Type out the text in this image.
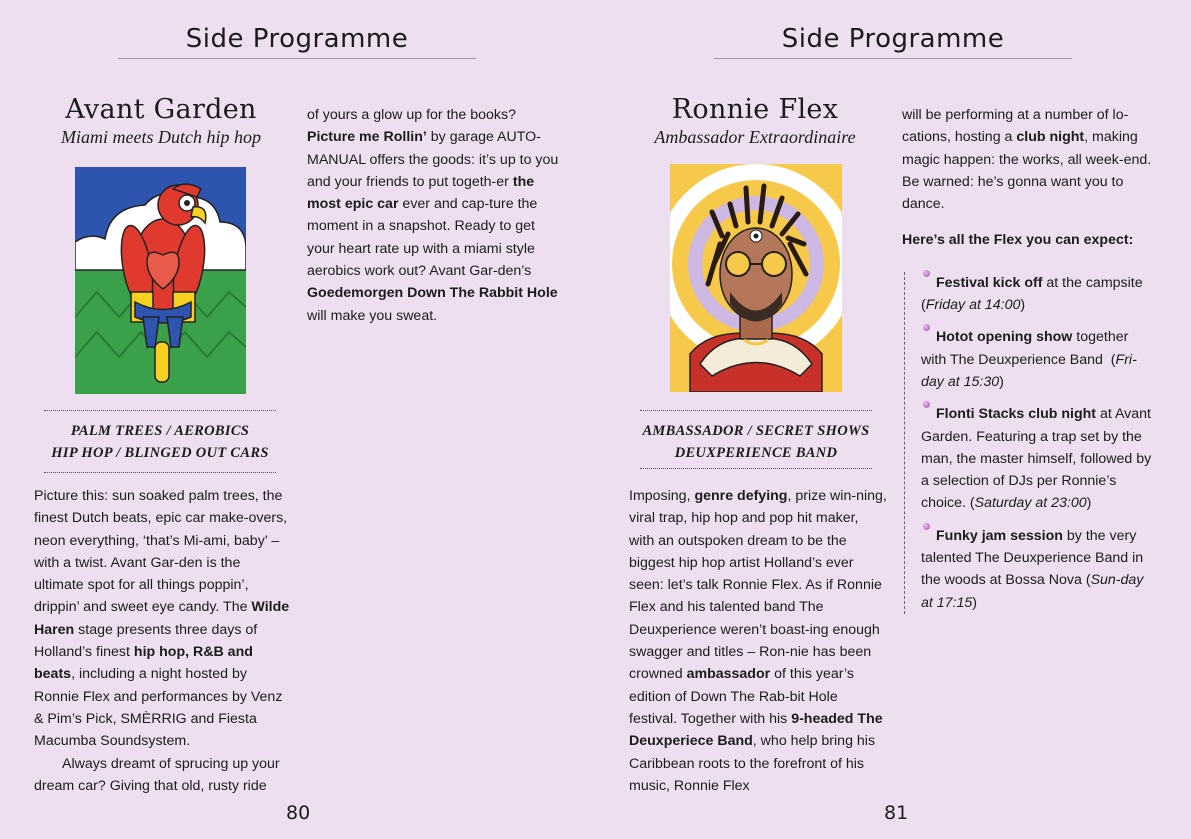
Side Programme
Avant Garden
Miami meets Dutch hip hop
PALM TREES / AEROBICS
HIP HOP / BLINGED OUT CARS

Picture this: sun soaked palm trees, the finest Dutch beats, epic car make-overs, neon everything, ‘that’s Mi-ami, baby’ – with a twist. Avant Gar-den is the ultimate spot for all things poppin’, drippin’ and sweet eye candy. The Wilde Haren stage presents three days of Holland’s finest hip hop, R&B and beats, including a night hosted by Ronnie Flex and performances by Venz & Pim’s Pick, SMÈRRIG and Fiesta Macumba Soundsystem.

Always dreamt of sprucing up your dream car? Giving that old, rusty ride

of yours a glow up for the books? Picture me Rollin’ by garage AUTO-MANUAL offers the goods: it’s up to you and your friends to put togeth-er the most epic car ever and cap-ture the moment in a snapshot. Ready to get your heart rate up with a miami style aerobics work out? Avant Gar-den’s Goedemorgen Down The Rabbit Hole will make you sweat.

80
Side Programme
Ronnie Flex
Ambassador Extraordinaire
AMBASSADOR / SECRET SHOWS
DEUXPERIENCE BAND

Imposing, genre defying, prize win-ning, viral trap, hip hop and pop hit maker, with an outspoken dream to be the biggest hip hop artist Holland’s ever seen: let’s talk Ronnie Flex. As if Ronnie Flex and his talented band The Deuxperience weren’t boast-ing enough swagger and titles – Ron-nie has been crowned ambassador of this year’s edition of Down The Rab-bit Hole festival. Together with his 9-headed The Deuxperiece Band, who help bring his Caribbean roots to the forefront of his music, Ronnie Flex

will be performing at a number of lo-cations, hosting a club night, making magic happen: the works, all week-end. Be warned: he’s gonna want you to dance.

Here’s all the Flex you can expect:

Festival kick off at the campsite (Friday at 14:00)
Hotot opening show together with The Deuxperience Band  (Fri-day at 15:30)
Flonti Stacks club night at Avant Garden. Featuring a trap set by the man, the master himself, followed by a selection of DJs per Ronnie’s choice. (Saturday at 23:00)
Funky jam session by the very talented The Deuxperience Band in the woods at Bossa Nova (Sun-day at 17:15)
81
